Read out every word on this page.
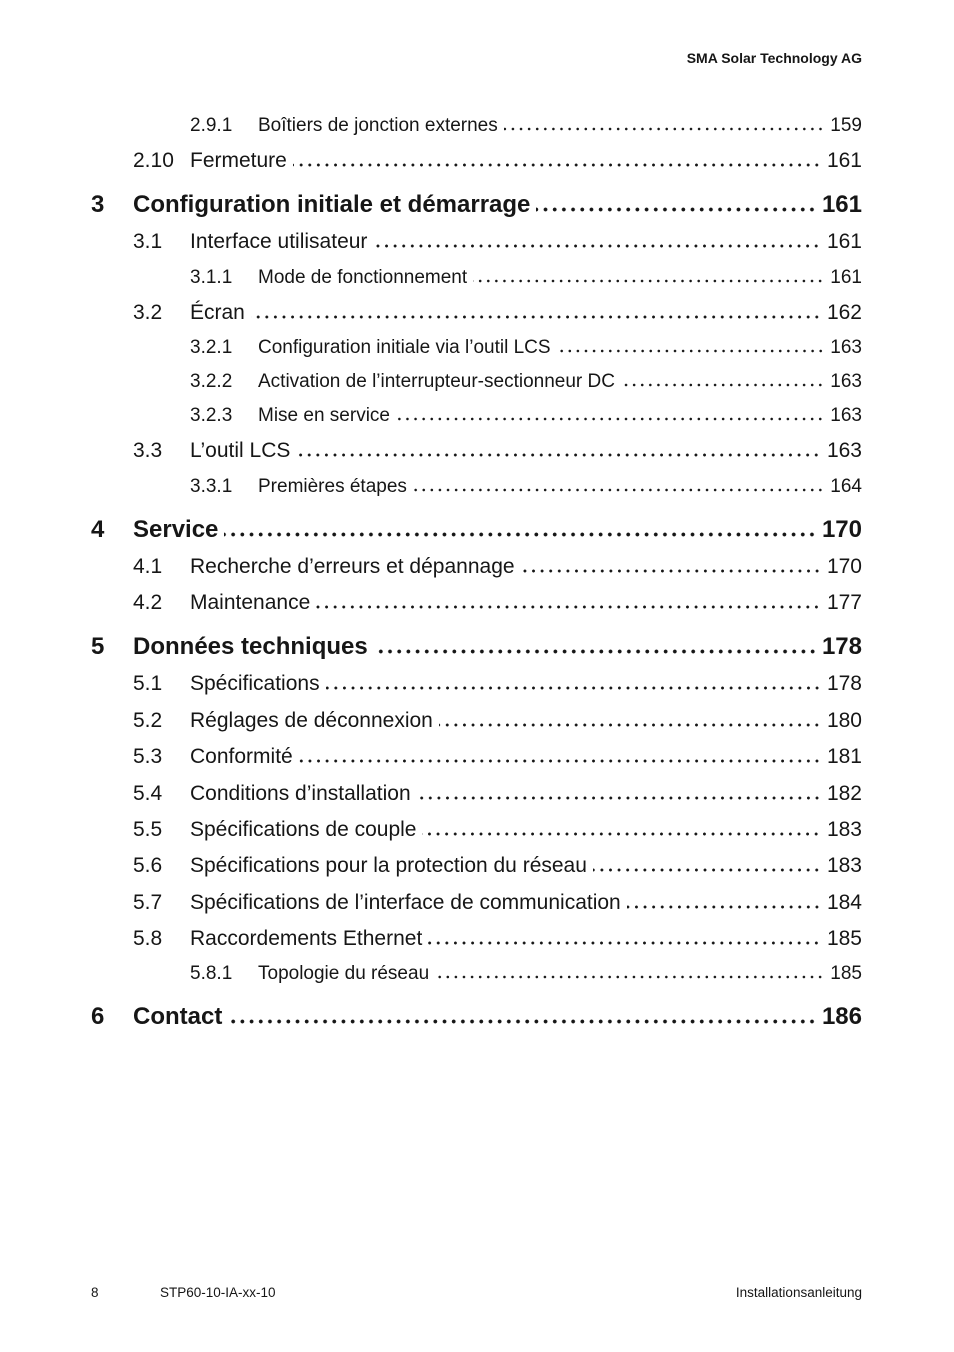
SMA Solar Technology AG
2.9.1	Boîtiers de jonction externes	159
2.10 Fermeture	161
3	Configuration initiale et démarrage	161
3.1	Interface utilisateur	161
3.1.1	Mode de fonctionnement	161
3.2	Écran	162
3.2.1	Configuration initiale via l’outil LCS	163
3.2.2	Activation de l’interrupteur-sectionneur DC	163
3.2.3	Mise en service	163
3.3	L’outil LCS	163
3.3.1	Premières étapes	164
4	Service	170
4.1	Recherche d’erreurs et dépannage	170
4.2	Maintenance	177
5	Données techniques	178
5.1	Spécifications	178
5.2	Réglages de déconnexion	180
5.3	Conformité	181
5.4	Conditions d’installation	182
5.5	Spécifications de couple	183
5.6	Spécifications pour la protection du réseau	183
5.7	Spécifications de l’interface de communication	184
5.8	Raccordements Ethernet	185
5.8.1	Topologie du réseau	185
6	Contact	186
8	STP60-10-IA-xx-10	Installationsanleitung
